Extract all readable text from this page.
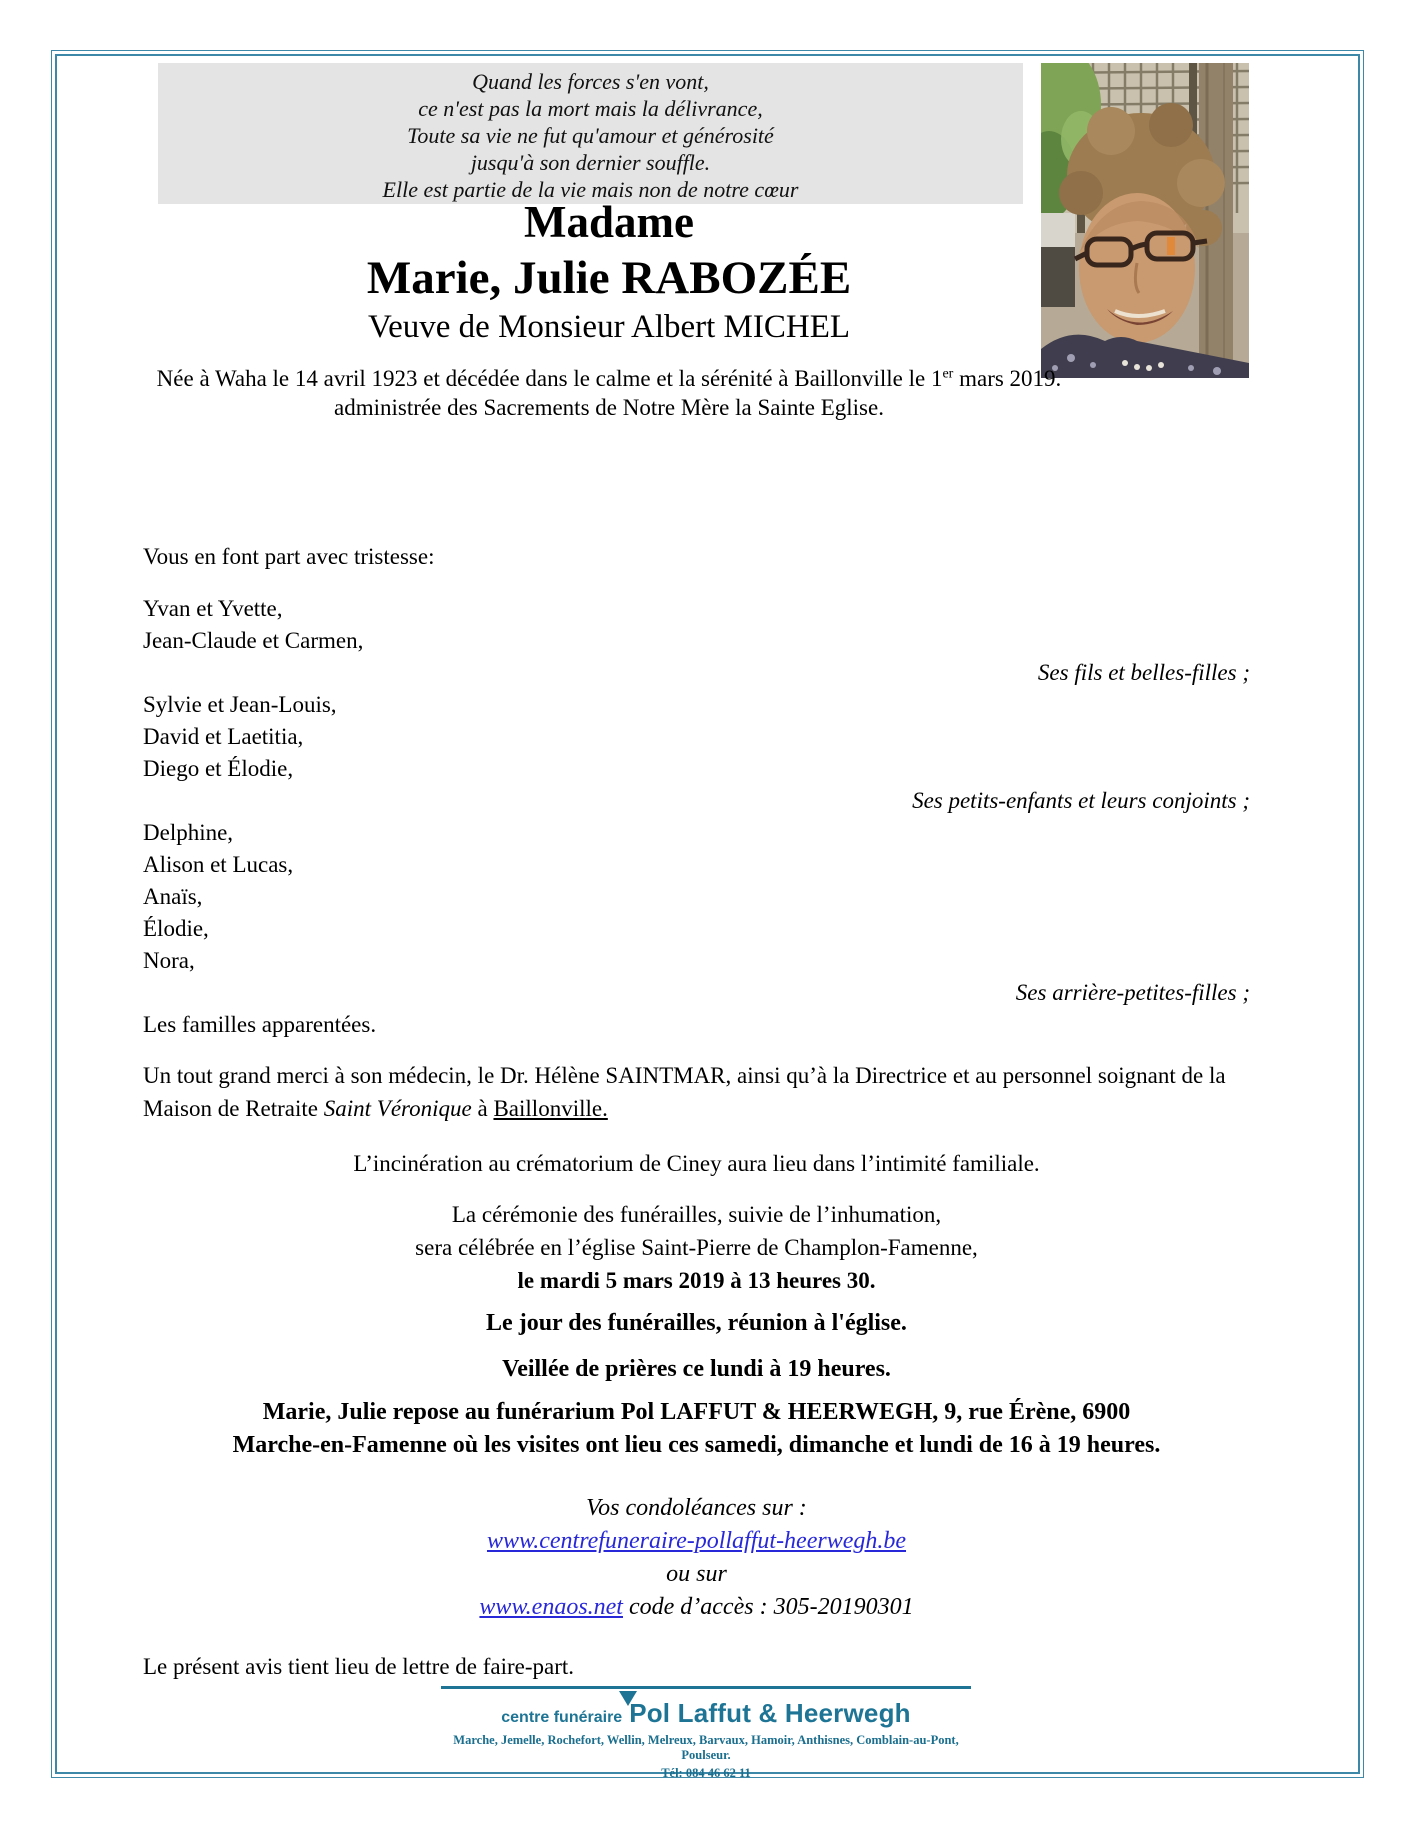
Quand les forces s'en vont,
ce n'est pas la mort mais la délivrance,
Toute sa vie ne fut qu'amour et générosité
jusqu'à son dernier souffle.
Elle est partie de la vie mais non de notre cœur
Madame
Marie, Julie RABOZÉE
Veuve de Monsieur Albert MICHEL
Née à Waha le 14 avril 1923 et décédée dans le calme et la sérénité à Baillonville le 1er mars 2019.
administrée des Sacrements de Notre Mère la Sainte Eglise.
Vous en font part avec tristesse:
Yvan et Yvette,
Jean-Claude et Carmen,
Ses fils et belles-filles ;
Sylvie et Jean-Louis,
David et Laetitia,
Diego et Élodie,
Ses petits-enfants et leurs conjoints ;
Delphine,
Alison et Lucas,
Anaïs,
Élodie,
Nora,
Ses arrière-petites-filles ;
Les familles apparentées.
Un tout grand merci à son médecin, le Dr. Hélène SAINTMAR, ainsi qu’à la Directrice et au personnel soignant de la Maison de Retraite Saint Véronique à Baillonville.
L’incinération au crématorium de Ciney aura lieu dans l’intimité familiale.
La cérémonie des funérailles, suivie de l’inhumation,
sera célébrée en l’église Saint-Pierre de Champlon-Famenne,
le mardi 5 mars 2019 à 13 heures 30.
Le jour des funérailles, réunion à l'église.
Veillée de prières ce lundi à 19 heures.
Marie, Julie repose au funérarium Pol LAFFUT & HEERWEGH, 9, rue Érène, 6900
Marche-en-Famenne où les visites ont lieu ces samedi, dimanche et lundi de 16 à 19 heures.
Vos condoléances sur :
www.centrefuneraire-pollaffut-heerwegh.be
ou sur
www.enaos.net code d’accès : 305-20190301
Le présent avis tient lieu de lettre de faire-part.
centre funéraire Pol Laffut & Heerwegh
Marche, Jemelle, Rochefort, Wellin, Melreux, Barvaux, Hamoir, Anthisnes, Comblain-au-Pont, Poulseur.
Tél: 084 46 62 11
